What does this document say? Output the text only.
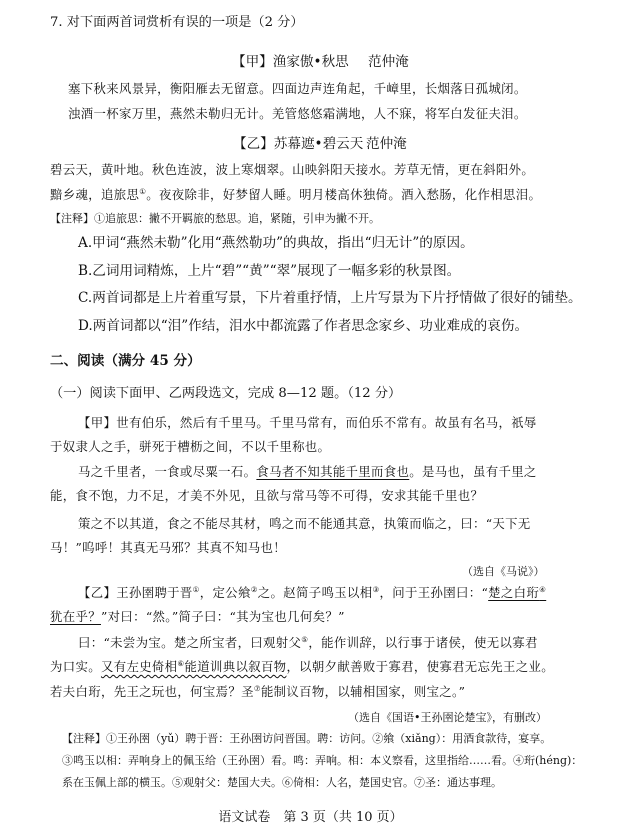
7. 对下面两首词赏析有误的一项是（2 分）
【甲】渔家傲•秋思 范仲淹
塞下秋来风景异，衡阳雁去无留意。四面边声连角起，千嶂里，长烟落日孤城闭。
浊酒一杯家万里，燕然未勒归无计。羌管悠悠霜满地，人不寐，将军白发征夫泪。
【乙】苏幕遮•碧云天 范仲淹
碧云天，黄叶地。秋色连波，波上寒烟翠。山映斜阳天接水。芳草无情，更在斜阳外。
黯乡魂，追旅思①。夜夜除非，好梦留人睡。明月楼高休独倚。酒入愁肠，化作相思泪。
【注释】①追旅思：撇不开羁旅的愁思。追，紧随，引申为撇不开。
A.甲词“燕然未勒”化用“燕然勒功”的典故，指出“归无计”的原因。
B.乙词用词精炼，上片“碧”“黄”“翠”展现了一幅多彩的秋景图。
C.两首词都是上片着重写景，下片着重抒情，上片写景为下片抒情做了很好的铺垫。
D.两首词都以“泪”作结，泪水中都流露了作者思念家乡、功业难成的哀伤。
二、阅读（满分 45 分）
（一）阅读下面甲、乙两段选文，完成 8—12 题。（12 分）
【甲】世有伯乐，然后有千里马。千里马常有，而伯乐不常有。故虽有名马，祇辱
于奴隶人之手，骈死于槽枥之间，不以千里称也。
马之千里者，一食或尽粟一石。食马者不知其能千里而食也。是马也，虽有千里之
能，食不饱，力不足，才美不外见，且欲与常马等不可得，安求其能千里也？
策之不以其道，食之不能尽其材，鸣之而不能通其意，执策而临之，曰：“天下无
马！”呜呼！其真无马邪？其真不知马也！
（选自《马说》）
【乙】王孙圉聘于晋①，定公飨②之。赵简子鸣玉以相③，问于王孙圉曰：“楚之白珩④
犹在乎？”对曰：“然。”简子曰：“其为宝也几何矣？”
曰：“未尝为宝。楚之所宝者，曰观射父⑤，能作训辞，以行事于诸侯，使无以寡君
为口实。又有左史倚相⑥能道训典以叙百物，以朝夕献善败于寡君，使寡君无忘先王之业。
若夫白珩，先王之玩也，何宝焉？圣⑦能制议百物，以辅相国家，则宝之。”
（选自《国语•王孙圉论楚宝》，有删改）
【注释】①王孙圉（yǔ）聘于晋：王孙圉访问晋国。聘：访问。②飨（xiǎng）：用酒食款待，宴享。
③鸣玉以相：弄响身上的佩玉给（王孙圉）看。鸣：弄响。相：本义察看，这里指给……看。④珩(héng)：
系在玉佩上部的横玉。⑤观射父：楚国大夫。⑥倚相：人名，楚国史官。⑦圣：通达事理。
语文试卷　第 3 页（共 10 页）
